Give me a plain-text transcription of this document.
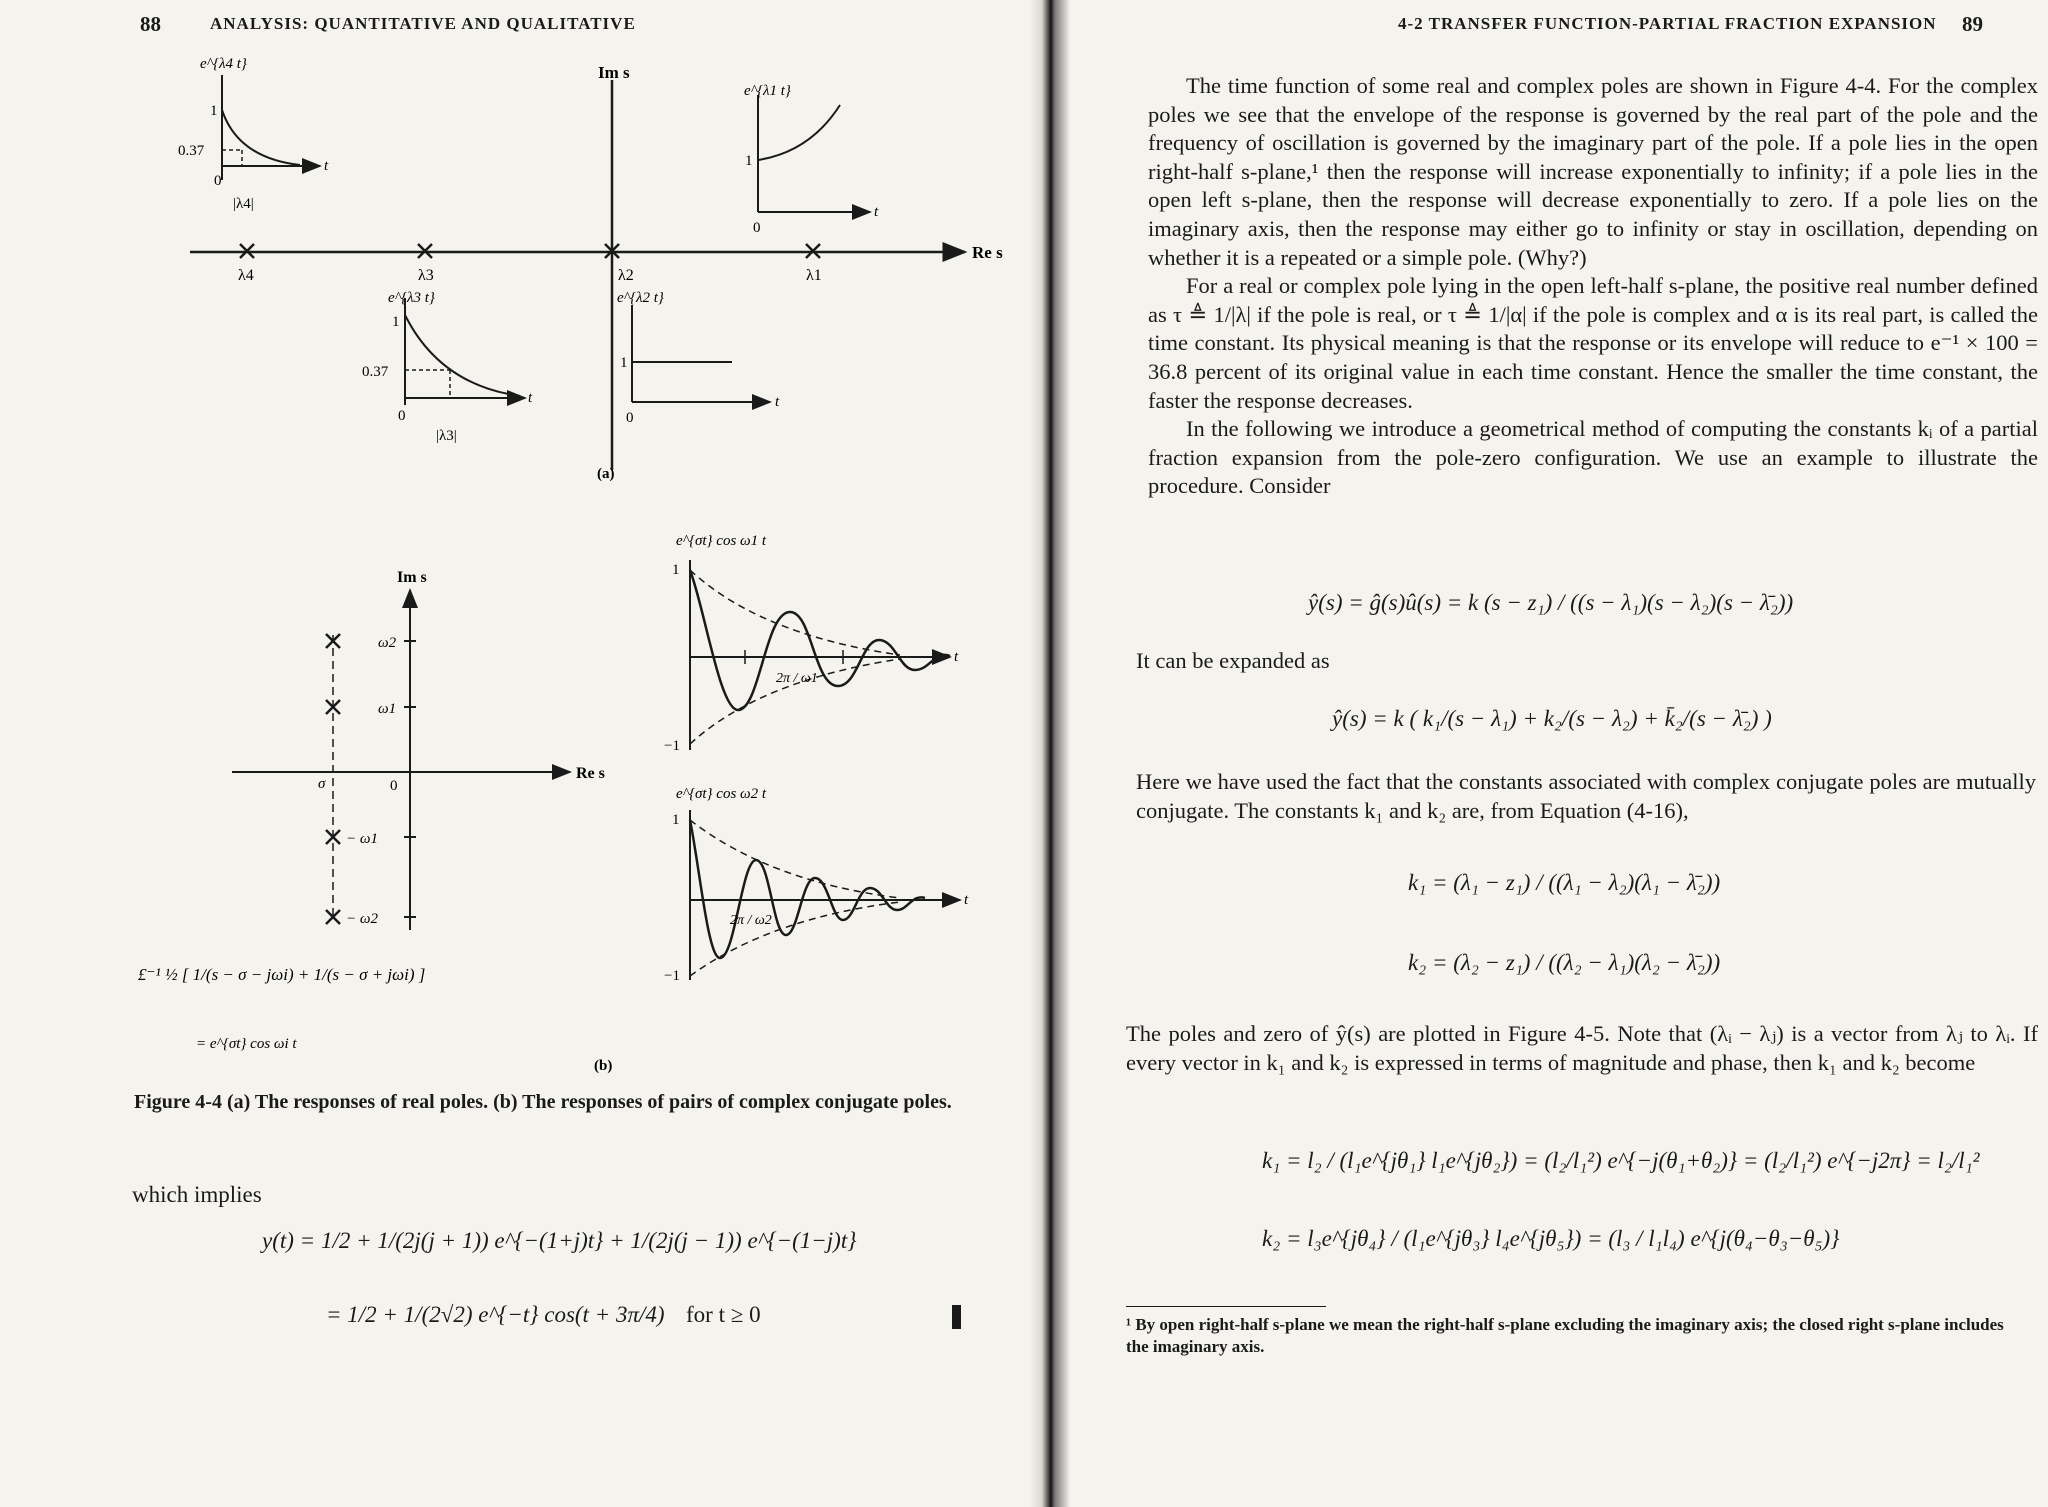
88	ANALYSIS: QUANTITATIVE AND QUALITATIVE
Im s
Re s
λ4	λ3	λ2	λ1
e^{λ4 t}
1
0.37
0
|λ4|
t
e^{λ1 t}
1
0
t
e^{λ3 t}
1
0.37
0
|λ3|
t
e^{λ2 t}
1
0
t
(a)
Im s
Re s
ω2
ω1
− ω1
− ω2
σ	0
e^{σt} cos ω1 t
1
−1
2π / ω1
t
e^{σt} cos ω2 t
1
−1
2π / ω2
t
£⁻¹ ½ [ 1/(s − σ − jωi) + 1/(s − σ + jωi) ]
= e^{σt} cos ωi t
(b)
Figure 4-4 (a) The responses of real poles. (b) The responses of pairs of complex conjugate poles.
which implies
y(t) = 1/2 + 1/(2j(j + 1)) e^{−(1+j)t} + 1/(2j(j − 1)) e^{−(1−j)t}
= 1/2 + 1/(2√2) e^{−t} cos(t + 3π/4) for t ≥ 0
4-2 TRANSFER FUNCTION-PARTIAL FRACTION EXPANSION 89

The time function of some real and complex poles are shown in Figure 4-4. For the complex poles we see that the envelope of the response is governed by the real part of the pole and the frequency of oscillation is governed by the imaginary part of the pole. If a pole lies in the open right-half s-plane,¹ then the response will increase exponentially to infinity; if a pole lies in the open left s-plane, then the response will decrease exponentially to zero. If a pole lies on the imaginary axis, then the response may either go to infinity or stay in oscillation, depending on whether it is a repeated or a simple pole. (Why?)

For a real or complex pole lying in the open left-half s-plane, the positive real number defined as τ ≜ 1/|λ| if the pole is real, or τ ≜ 1/|α| if the pole is complex and α is its real part, is called the time constant. Its physical meaning is that the response or its envelope will reduce to e⁻¹ × 100 = 36.8 percent of its original value in each time constant. Hence the smaller the time constant, the faster the response decreases.

In the following we introduce a geometrical method of computing the constants kᵢ of a partial fraction expansion from the pole-zero configuration. We use an example to illustrate the procedure. Consider

ŷ(s) = ĝ(s)û(s) = k (s − z₁) / ((s − λ₁)(s − λ₂)(s − λ̄₂))
It can be expanded as
ŷ(s) = k ( k₁/(s − λ₁) + k₂/(s − λ₂) + k̄₂/(s − λ̄₂) )
Here we have used the fact that the constants associated with complex conjugate poles are mutually conjugate. The constants k₁ and k₂ are, from Equation (4-16),
k₁ = (λ₁ − z₁) / ((λ₁ − λ₂)(λ₁ − λ̄₂))
k₂ = (λ₂ − z₁) / ((λ₂ − λ₁)(λ₂ − λ̄₂))
The poles and zero of ŷ(s) are plotted in Figure 4-5. Note that (λᵢ − λⱼ) is a vector from λⱼ to λᵢ. If every vector in k₁ and k₂ is expressed in terms of magnitude and phase, then k₁ and k₂ become
k₁ = l₂ / (l₁e^{jθ₁} l₁e^{jθ₂}) = (l₂/l₁²) e^{−j(θ₁+θ₂)} = (l₂/l₁²) e^{−j2π} = l₂/l₁²
k₂ = l₃e^{jθ₄} / (l₁e^{jθ₃} l₄e^{jθ₅}) = (l₃ / l₁l₄) e^{j(θ₄−θ₃−θ₅)}
¹ By open right-half s-plane we mean the right-half s-plane excluding the imaginary axis; the closed right s-plane includes the imaginary axis.
